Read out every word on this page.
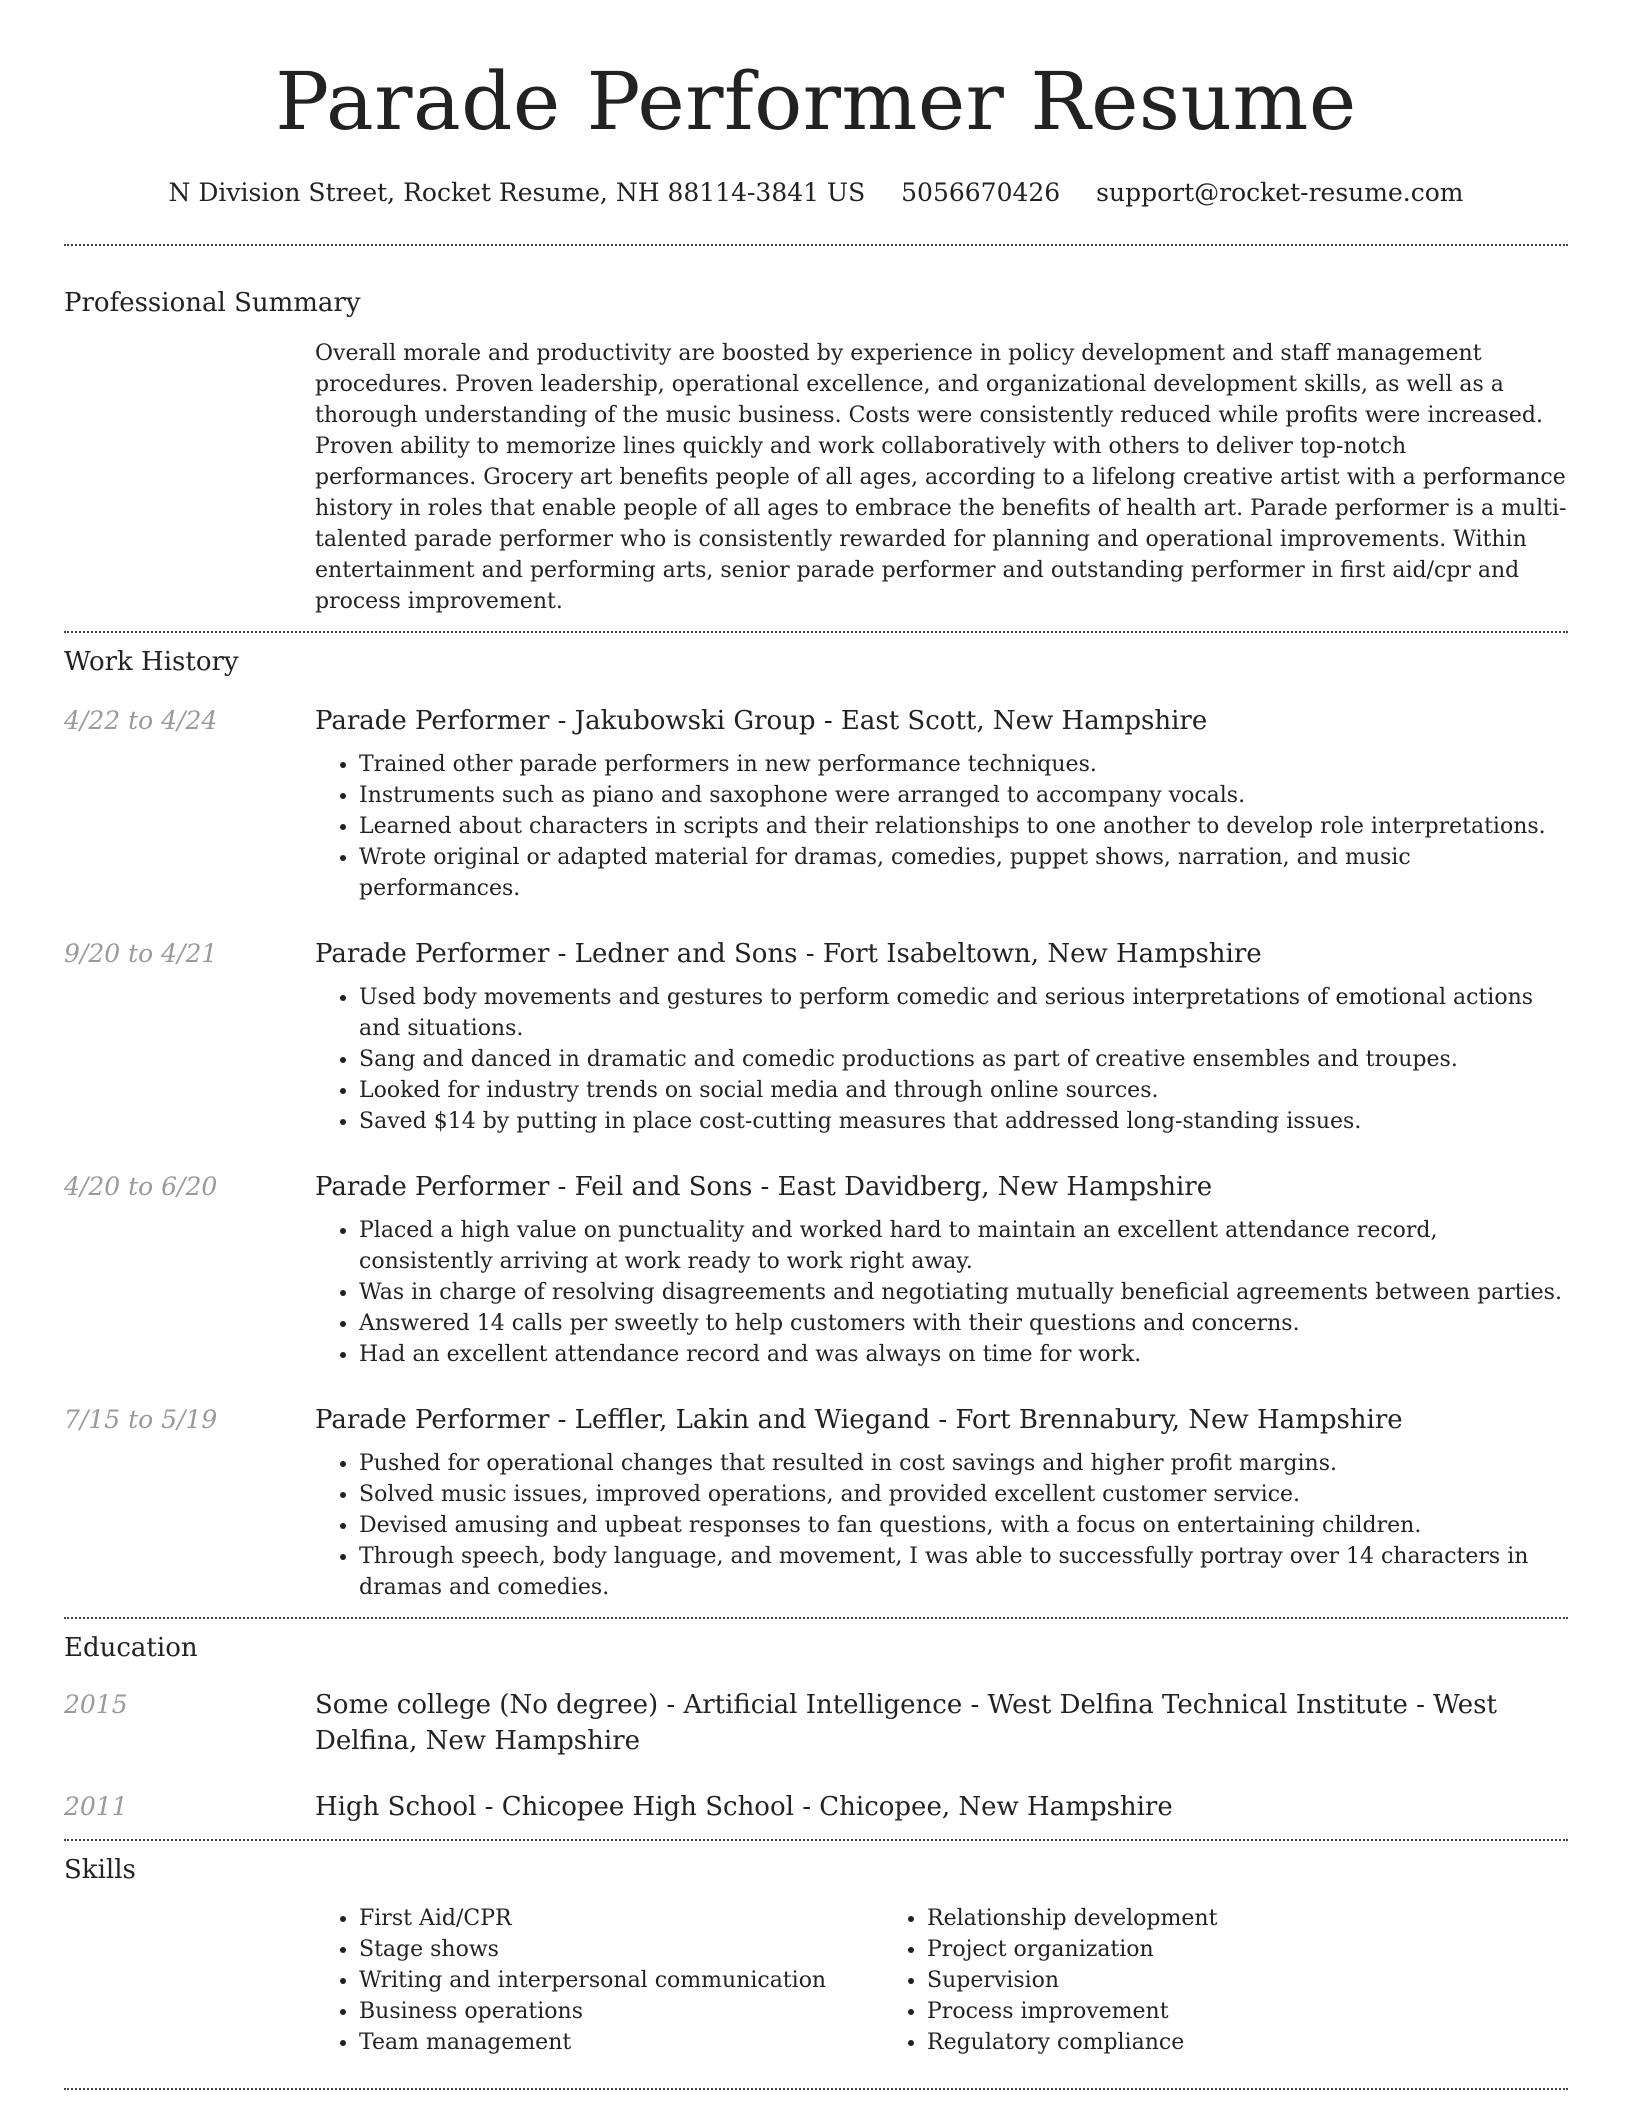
Parade Performer Resume
N Division Street, Rocket Resume, NH 88114-3841 US 5056670426 support@rocket-resume.com
Professional Summary
Overall morale and productivity are boosted by experience in policy development and staff management procedures. Proven leadership, operational excellence, and organizational development skills, as well as a thorough understanding of the music business. Costs were consistently reduced while profits were increased. Proven ability to memorize lines quickly and work collaboratively with others to deliver top-notch performances. Grocery art benefits people of all ages, according to a lifelong creative artist with a performance history in roles that enable people of all ages to embrace the benefits of health art. Parade performer is a multi-talented parade performer who is consistently rewarded for planning and operational improvements. Within entertainment and performing arts, senior parade performer and outstanding performer in first aid/cpr and process improvement.
Work History
4/22 to 4/24	Parade Performer - Jakubowski Group - East Scott, New Hampshire
• Trained other parade performers in new performance techniques.
• Instruments such as piano and saxophone were arranged to accompany vocals.
• Learned about characters in scripts and their relationships to one another to develop role interpretations.
• Wrote original or adapted material for dramas, comedies, puppet shows, narration, and music performances.
9/20 to 4/21	Parade Performer - Ledner and Sons - Fort Isabeltown, New Hampshire
• Used body movements and gestures to perform comedic and serious interpretations of emotional actions and situations.
• Sang and danced in dramatic and comedic productions as part of creative ensembles and troupes.
• Looked for industry trends on social media and through online sources.
• Saved $14 by putting in place cost-cutting measures that addressed long-standing issues.
4/20 to 6/20	Parade Performer - Feil and Sons - East Davidberg, New Hampshire
• Placed a high value on punctuality and worked hard to maintain an excellent attendance record, consistently arriving at work ready to work right away.
• Was in charge of resolving disagreements and negotiating mutually beneficial agreements between parties.
• Answered 14 calls per sweetly to help customers with their questions and concerns.
• Had an excellent attendance record and was always on time for work.
7/15 to 5/19	Parade Performer - Leffler, Lakin and Wiegand - Fort Brennabury, New Hampshire
• Pushed for operational changes that resulted in cost savings and higher profit margins.
• Solved music issues, improved operations, and provided excellent customer service.
• Devised amusing and upbeat responses to fan questions, with a focus on entertaining children.
• Through speech, body language, and movement, I was able to successfully portray over 14 characters in dramas and comedies.
Education
2015	Some college (No degree) - Artificial Intelligence - West Delfina Technical Institute - West Delfina, New Hampshire
2011	High School - Chicopee High School - Chicopee, New Hampshire
Skills
• First Aid/CPR
• Stage shows
• Writing and interpersonal communication
• Business operations
• Team management
• Relationship development
• Project organization
• Supervision
• Process improvement
• Regulatory compliance
